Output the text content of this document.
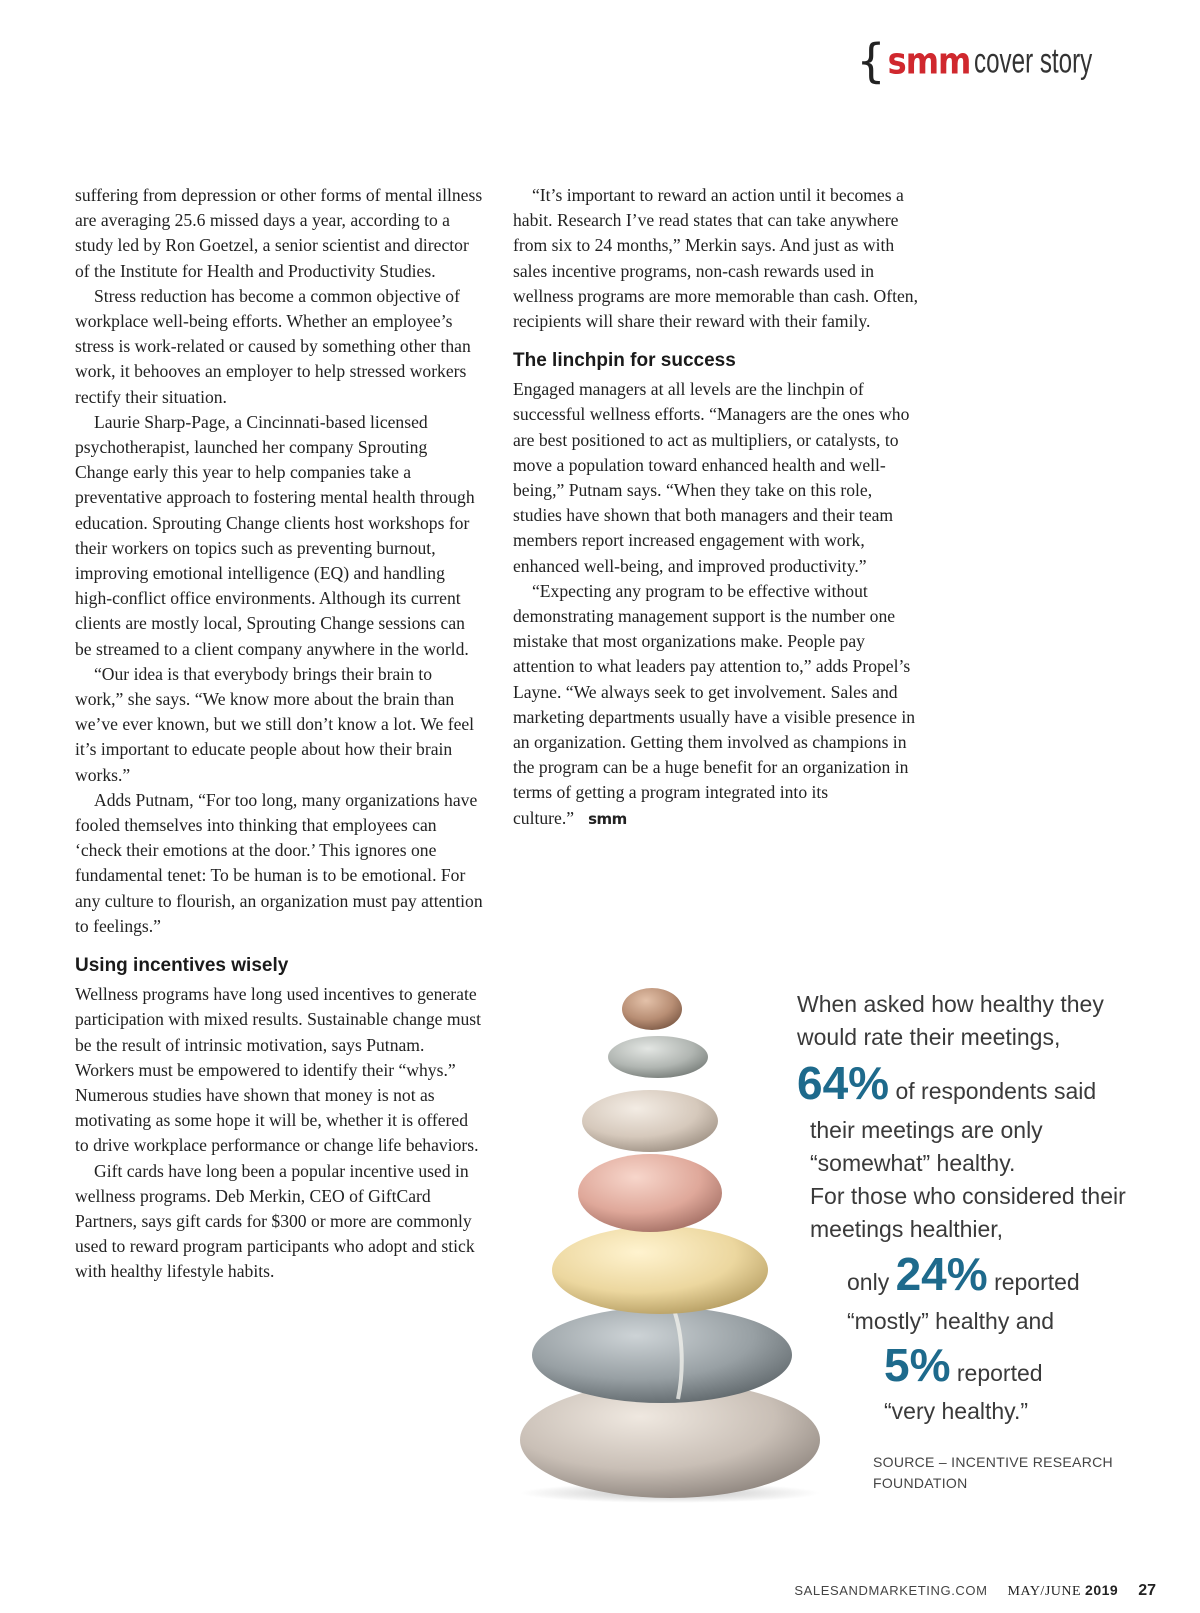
{ smm cover story

suffering from depression or other forms of mental illness are averaging 25.6 missed days a year, according to a study led by Ron Goetzel, a senior scientist and director of the Institute for Health and Productivity Studies.

Stress reduction has become a common objective of workplace well-being efforts. Whether an employee’s stress is work-related or caused by something other than work, it behooves an employer to help stressed workers rectify their situation.

Laurie Sharp-Page, a Cincinnati-based licensed psychotherapist, launched her company Sprouting Change early this year to help companies take a preventative approach to fostering mental health through education. Sprouting Change clients host workshops for their workers on topics such as preventing burnout, improving emotional intelligence (EQ) and handling high-conflict office environments. Although its current clients are mostly local, Sprouting Change sessions can be streamed to a client company anywhere in the world.

“Our idea is that everybody brings their brain to work,” she says. “We know more about the brain than we’ve ever known, but we still don’t know a lot. We feel it’s important to educate people about how their brain works.”

Adds Putnam, “For too long, many organizations have fooled themselves into thinking that employees can ‘check their emotions at the door.’ This ignores one fundamental tenet: To be human is to be emotional. For any culture to flourish, an organization must pay attention to feelings.”

Using incentives wisely

Wellness programs have long used incentives to generate participation with mixed results. Sustainable change must be the result of intrinsic motivation, says Putnam. Workers must be empowered to identify their “whys.” Numerous studies have shown that money is not as motivating as some hope it will be, whether it is offered to drive workplace performance or change life behaviors.

Gift cards have long been a popular incentive used in wellness programs. Deb Merkin, CEO of GiftCard Partners, says gift cards for $300 or more are commonly used to reward program participants who adopt and stick with healthy lifestyle habits.

“It’s important to reward an action until it becomes a habit. Research I’ve read states that can take anywhere from six to 24 months,” Merkin says. And just as with sales incentive programs, non-cash rewards used in wellness programs are more memorable than cash. Often, recipients will share their reward with their family.

The linchpin for success

Engaged managers at all levels are the linchpin of successful wellness efforts. “Managers are the ones who are best positioned to act as multipliers, or catalysts, to move a population toward enhanced health and well-being,” Putnam says. “When they take on this role, studies have shown that both managers and their team members report increased engagement with work, enhanced well-being, and improved productivity.”

“Expecting any program to be effective without demonstrating management support is the number one mistake that most organizations make. People pay attention to what leaders pay attention to,” adds Propel’s Layne. “We always seek to get involvement. Sales and marketing departments usually have a visible presence in an organization. Getting them involved as champions in the program can be a huge benefit for an organization in terms of getting a program integrated into its culture.” smm

When asked how healthy they
would rate their meetings,
64% of respondents said
their meetings are only
“somewhat” healthy.
For those who considered their
meetings healthier,
only 24% reported
“mostly” healthy and
5% reported
“very healthy.”
SOURCE – INCENTIVE RESEARCH
FOUNDATION
SALESANDMARKETING.COM MAY/JUNE 2019 27
